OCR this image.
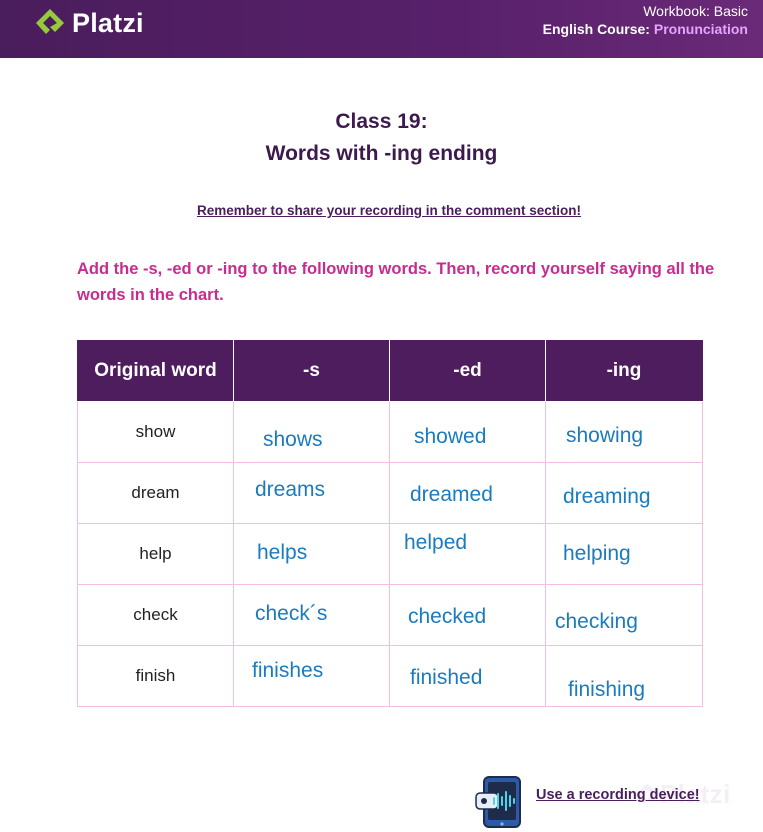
Platzi	Workbook: Basic
English Course: Pronunciation
Class 19:
Words with -ing ending
Remember to share your recording in the comment section!
Add the -s, -ed or -ing to the following words. Then, record yourself saying all the words in the chart.
Original word	-s	-ed	-ing
show	shows	showed	showing

dream	dreams	dreamed	dreaming

help	helps	helped	helping

check	check´s	checked	checking

finish	finishes	finished	finishing
Platzi
Use a recording device!
